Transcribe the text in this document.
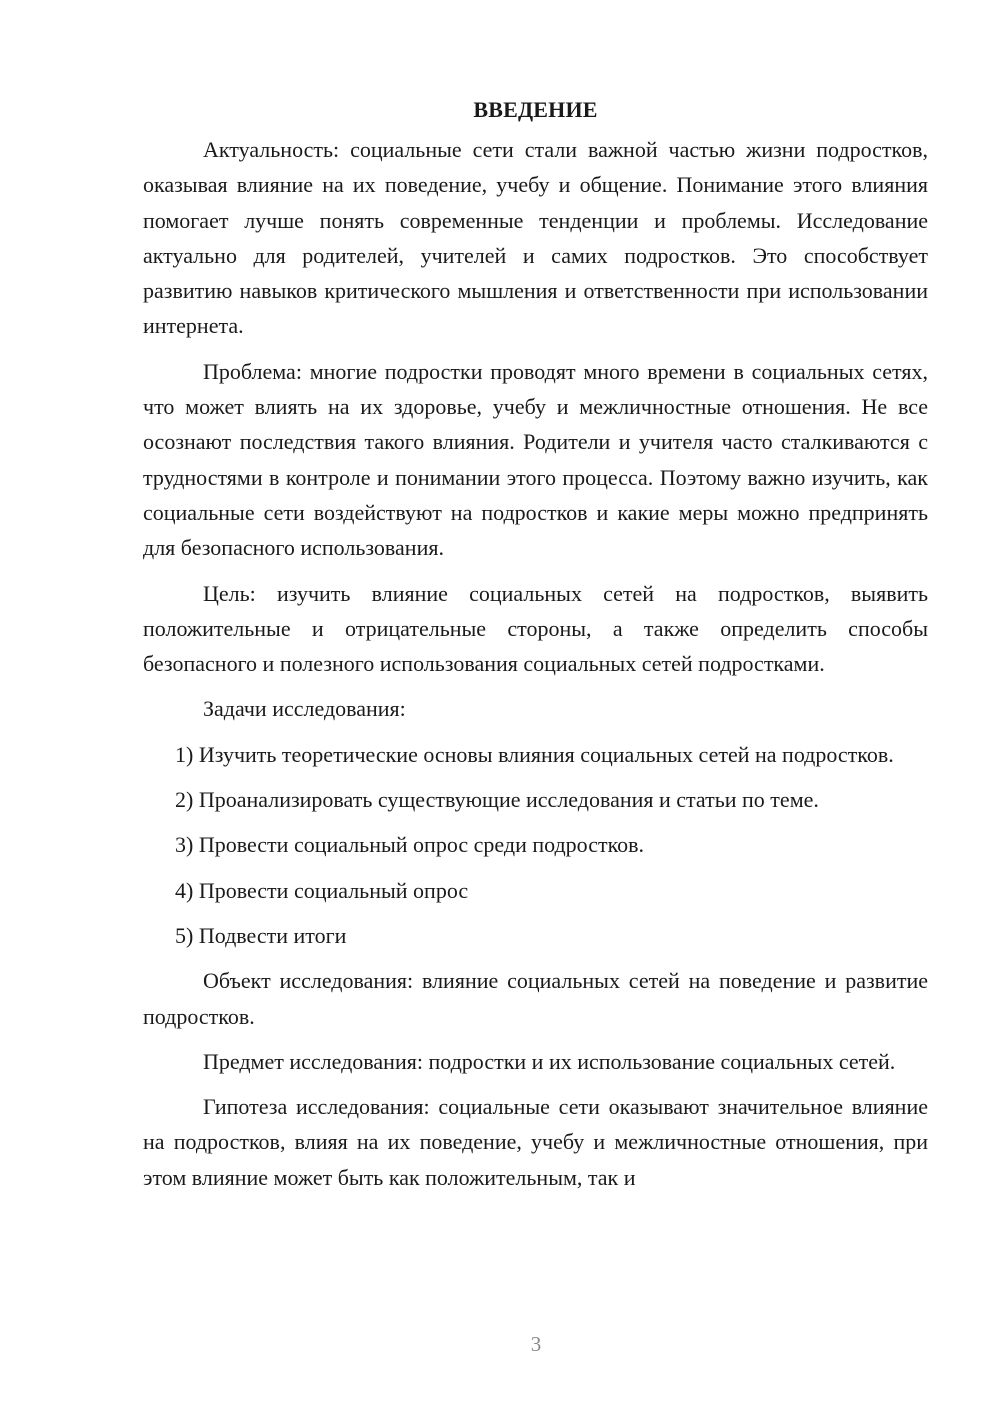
ВВЕДЕНИЕ

Актуальность: социальные сети стали важной частью жизни подростков, оказывая влияние на их поведение, учебу и общение. Понимание этого влияния помогает лучше понять современные тенденции и проблемы. Исследование актуально для родителей, учителей и самих подростков. Это способствует развитию навыков критического мышления и ответственности при использовании интернета.

Проблема: многие подростки проводят много времени в социальных сетях, что может влиять на их здоровье, учебу и межличностные отношения. Не все осознают последствия такого влияния. Родители и учителя часто сталкиваются с трудностями в контроле и понимании этого процесса. Поэтому важно изучить, как социальные сети воздействуют на подростков и какие меры можно предпринять для безопасного использования.

Цель: изучить влияние социальных сетей на подростков, выявить положительные и отрицательные стороны, а также определить способы безопасного и полезного использования социальных сетей подростками.

Задачи исследования:

1) Изучить теоретические основы влияния социальных сетей на подростков.

2) Проанализировать существующие исследования и статьи по теме.

3) Провести социальный опрос среди подростков.

4) Провести социальный опрос

5) Подвести итоги

Объект исследования: влияние социальных сетей на поведение и развитие подростков.

Предмет исследования: подростки и их использование социальных сетей.

Гипотеза исследования: социальные сети оказывают значительное влияние на подростков, влияя на их поведение, учебу и межличностные отношения, при этом влияние может быть как положительным, так и

3
